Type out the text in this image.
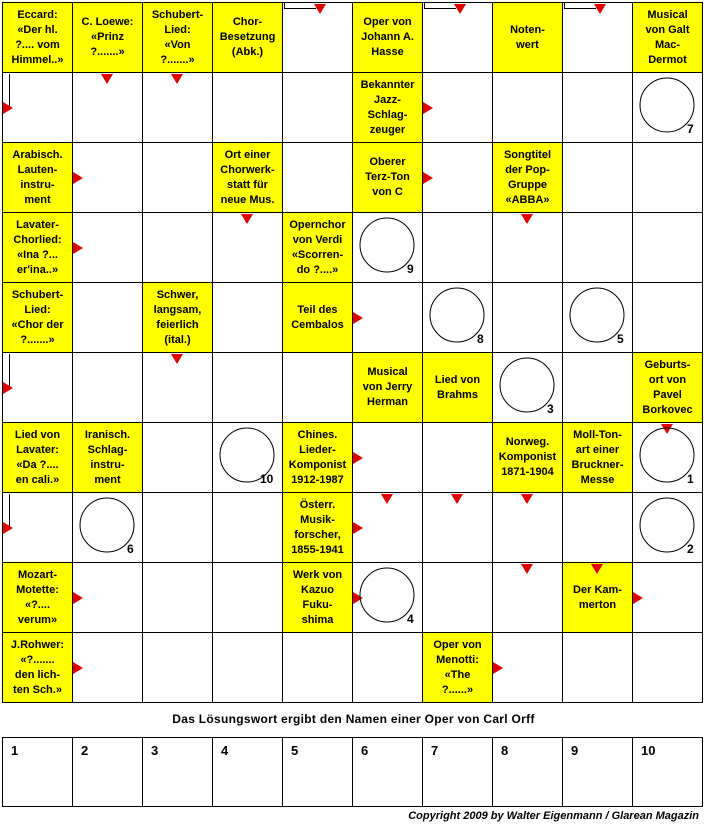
Eccard:
«Der hl.
?.... vom
Himmel..»
C. Loewe:
«Prinz
?.......»
Schubert-
Lied:
«Von
?.......»
Chor-
Besetzung
(Abk.)
Oper von
Johann A.
Hasse
Noten-
wert
Musical
von Galt
Mac-
Dermot
Bekannter
Jazz-
Schlag-
zeuger
Arabisch.
Lauten-
instru-
ment
Ort einer
Chorwerk-
statt für
neue Mus.
Oberer
Terz-Ton
von C
Songtitel
der Pop-
Gruppe
«ABBA»
Lavater-
Chorlied:
«Ina ?...
er'ina..»
Opernchor
von Verdi
«Scorren-
do ?....»
Schubert-
Lied:
«Chor der
?.......»
Schwer,
langsam,
feierlich
(ital.)
Teil des
Cembalos
Musical
von Jerry
Herman
Lied von
Brahms
Geburts-
ort von
Pavel
Borkovec
Lied von
Lavater:
«Da ?....
en cali.»
Iranisch.
Schlag-
instru-
ment
Chines.
Lieder-
Komponist
1912-1987
Norweg.
Komponist
1871-1904
Moll-Ton-
art einer
Bruckner-
Messe
Österr.
Musik-
forscher,
1855-1941
Mozart-
Motette:
«?....
verum»
Werk von
Kazuo
Fuku-
shima
Der Kam-
merton
J.Rohwer:
«?.......
den lich-
ten Sch.»
Oper von
Menotti:
«The
?......»
7
9
8	5
3
10	1
6	2
4
Das Lösungswort ergibt den Namen einer Oper von Carl Orff
1	2	3	4	5	6	7	8	9	10
Copyright 2009 by Walter Eigenmann / Glarean Magazin
